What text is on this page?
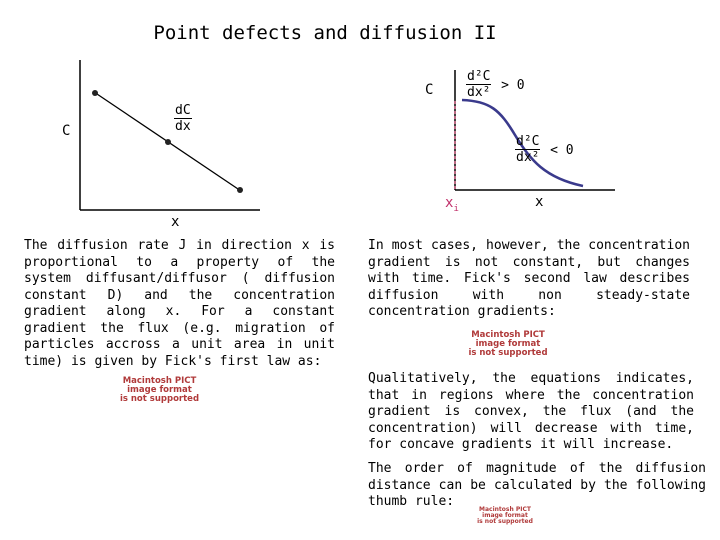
Point defects and diffusion II
C
x
$\frac{dC}{dx}$
C
x
$x_i$
$\frac{\text{d²C}}{\text{dx²}} ^{> 0}$
$\frac{\text{d²C}}{\text{dx²}} ^{< 0}$
The diffusion rate J in direction x is proportional to a property of the system diffusant/diffusor ( diffusion constant D) and the concentration gradient along x. For a constant gradient the flux (e.g. migration of particles accross a unit area in unit time) is given by Fick's first law as:
Macintosh PICT
image format
is not supported
In most cases, however, the concentration gradient is not constant, but changes with time. Fick's second law describes diffusion with non steady-state concentration gradients:
Macintosh PICT
image format
is not supported
Qualitatively, the equations indicates, that in regions where the concentration gradient is convex, the flux (and the concentration) will decrease with time, for concave gradients it will increase.
The order of magnitude of the diffusion distance can be calculated by the following thumb rule:
Macintosh PICT
image format
is not supported
